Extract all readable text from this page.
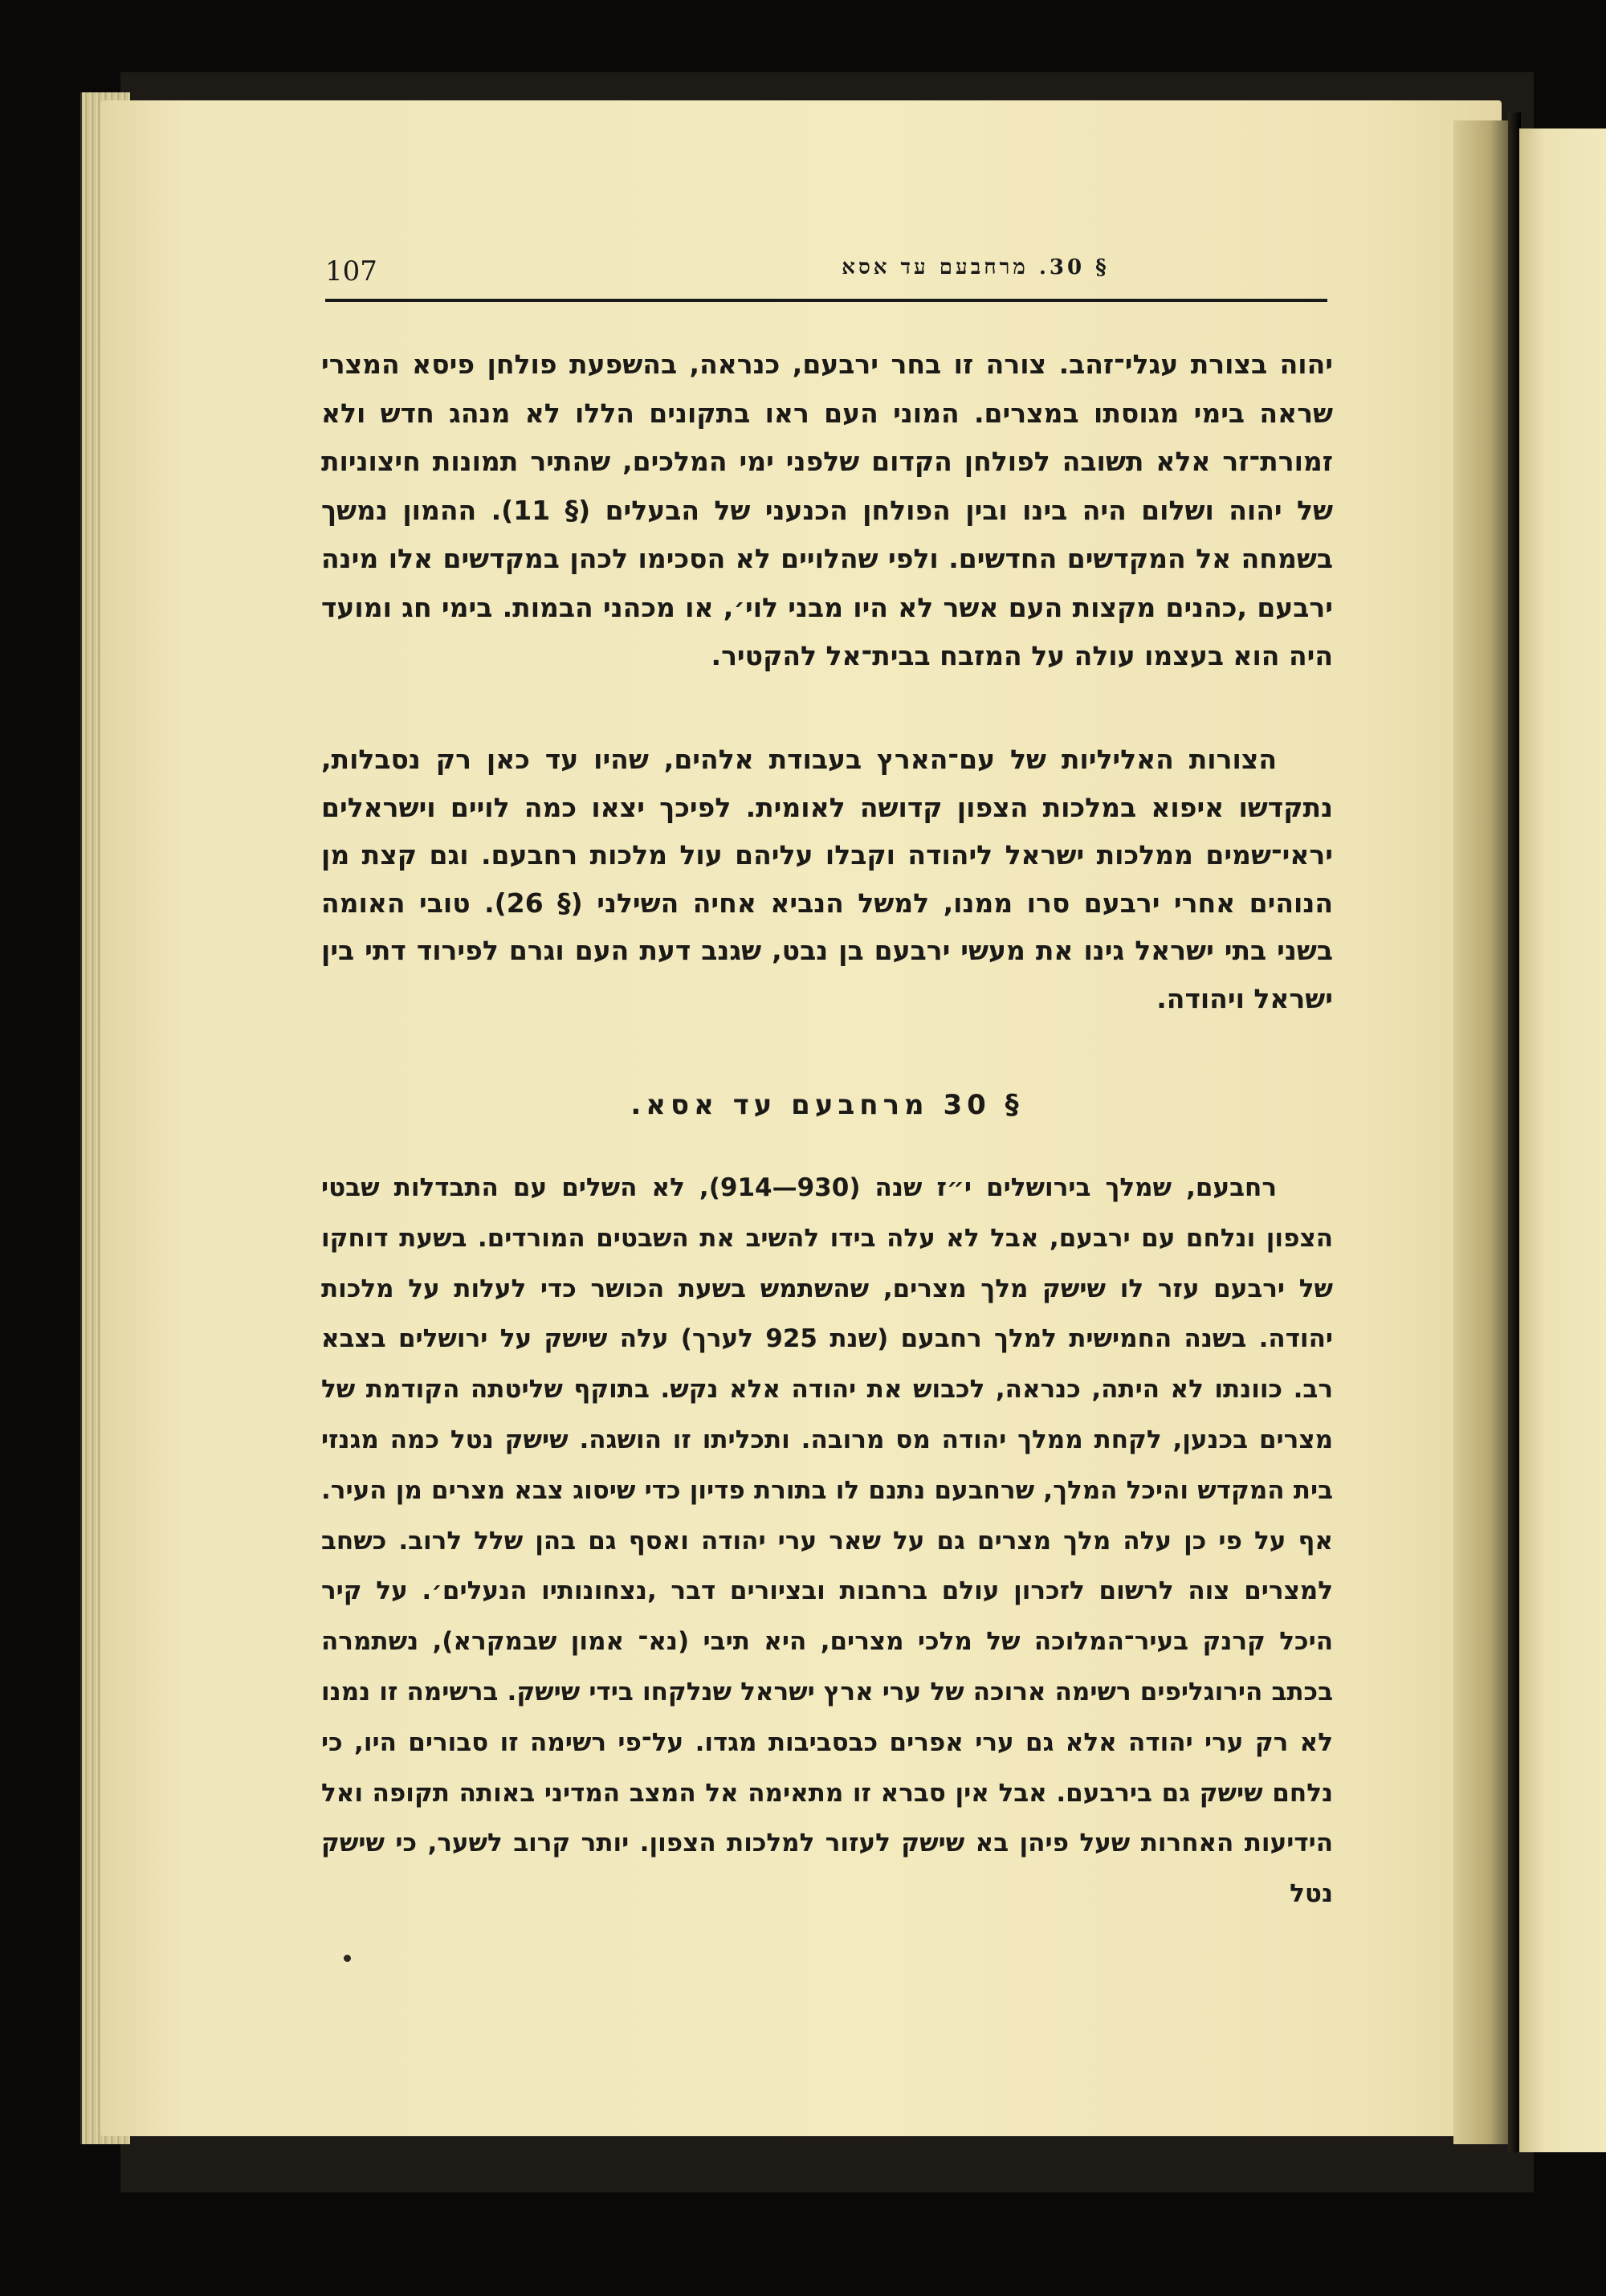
107	§ 30. מרחבעם עד אסא

יהוה בצורת עגלי־זהב. צורה זו בחר ירבעם, כנראה, בהשפעת פולחן פיסא המצרי שראה בימי מגוסתו במצרים. המוני העם ראו בתקונים הללו לא מנהג חדש ולא זמורת־זר אלא תשובה לפולחן הקדום שלפני ימי המלכים, שהתיר תמונות חיצוניות של יהוה ושלום היה בינו ובין הפולחן הכנעני של הבעלים (§ 11). ההמון נמשך בשמחה אל המקדשים החדשים. ולפי שהלויים לא הסכימו לכהן במקדשים אלו מינה ירבעם ,כהנים מקצות העם אשר לא היו מבני לוי׳, או מכהני הבמות. בימי חג ומועד היה הוא בעצמו עולה על המזבח בבית־אל להקטיר.

הצורות האליליות של עם־הארץ בעבודת אלהים, שהיו עד כאן רק נסבלות, נתקדשו איפוא במלכות הצפון קדושה לאומית. לפיכך יצאו כמה לויים וישראלים יראי־שמים ממלכות ישראל ליהודה וקבלו עליהם עול מלכות רחבעם. וגם קצת מן הנוהים אחרי ירבעם סרו ממנו, למשל הנביא אחיה השילני (§ 26). טובי האומה בשני בתי ישראל גינו את מעשי ירבעם בן נבט, שגנב דעת העם וגרם לפירוד דתי בין ישראל ויהודה.

§ 30 מרחבעם עד אסא.

רחבעם, שמלך בירושלים י״ז שנה (930—914), לא השלים עם התבדלות שבטי הצפון ונלחם עם ירבעם, אבל לא עלה בידו להשיב את השבטים המורדים. בשעת דוחקו של ירבעם עזר לו שישק מלך מצרים, שהשתמש בשעת הכושר כדי לעלות על מלכות יהודה. בשנה החמישית למלך רחבעם (שנת 925 לערך) עלה שישק על ירושלים בצבא רב. כוונתו לא היתה, כנראה, לכבוש את יהודה אלא נקש. בתוקף שליטתה הקודמת של מצרים בכנען, לקחת ממלך יהודה מס מרובה. ותכליתו זו הושגה. שישק נטל כמה מגנזי בית המקדש והיכל המלך, שרחבעם נתנם לו בתורת פדיון כדי שיסוג צבא מצרים מן העיר. אף על פי כן עלה מלך מצרים גם על שאר ערי יהודה ואסף גם בהן שלל לרוב. כשחב למצרים צוה לרשום לזכרון עולם ברחבות ובציורים דבר ,נצחונותיו הנעלים׳. על קיר היכל קרנק בעיר־המלוכה של מלכי מצרים, היא תיבי (נא־ אמון שבמקרא), נשתמרה בכתב הירוגליפים רשימה ארוכה של ערי ארץ ישראל שנלקחו בידי שישק. ברשימה זו נמנו לא רק ערי יהודה אלא גם ערי אפרים כבסביבות מגדו. על־פי רשימה זו סבורים היו, כי נלחם שישק גם בירבעם. אבל אין סברא זו מתאימה אל המצב המדיני באותה תקופה ואל הידיעות האחרות שעל פיהן בא שישק לעזור למלכות הצפון. יותר קרוב לשער, כי שישק נטל
